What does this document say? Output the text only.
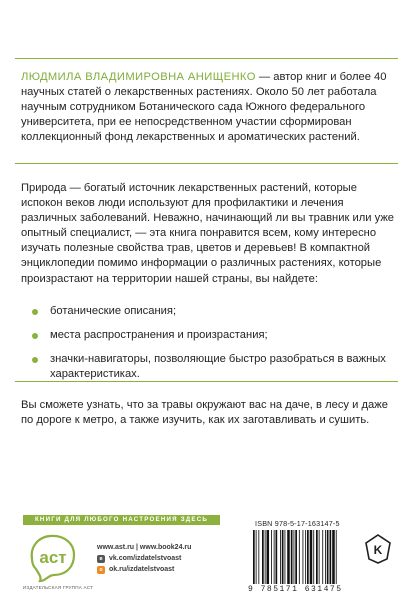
ЛЮДМИЛА ВЛАДИМИРОВНА АНИЩЕНКО — автор книг и более 40 научных статей о лекарственных растениях. Около 50 лет работала научным сотрудником Ботанического сада Южного федерального университета, при ее непосредственном участии сформирован коллекционный фонд лекарственных и ароматических растений.

Природа — богатый источник лекарственных растений, которые испокон веков люди используют для профилактики и лечения различных заболеваний. Неважно, начинающий ли вы травник или уже опытный специалист, — эта книга понравится всем, кому интересно изучать полезные свойства трав, цветов и деревьев! В компактной энциклопедии помимо информации о различных растениях, которые произрастают на территории нашей страны, вы найдете:

ботанические описания;
места распространения и произрастания;
значки-навигаторы, позволяющие быстро разобраться в важных характеристиках.

Вы сможете узнать, что за травы окружают вас на даче, в лесу и даже по дороге к метро, а также изучить, как их заготавливать и сушить.

КНИГИ ДЛЯ ЛЮБОГО НАСТРОЕНИЯ ЗДЕСЬ
аст
ИЗДАТЕЛЬСКАЯ ГРУППА АСТ
www.ast.ru | www.book24.ru
в vk.com/izdatelstvoast
о ok.ru/izdatelstvoast
ISBN 978-5-17-163147-5
9 785171 631475
K
